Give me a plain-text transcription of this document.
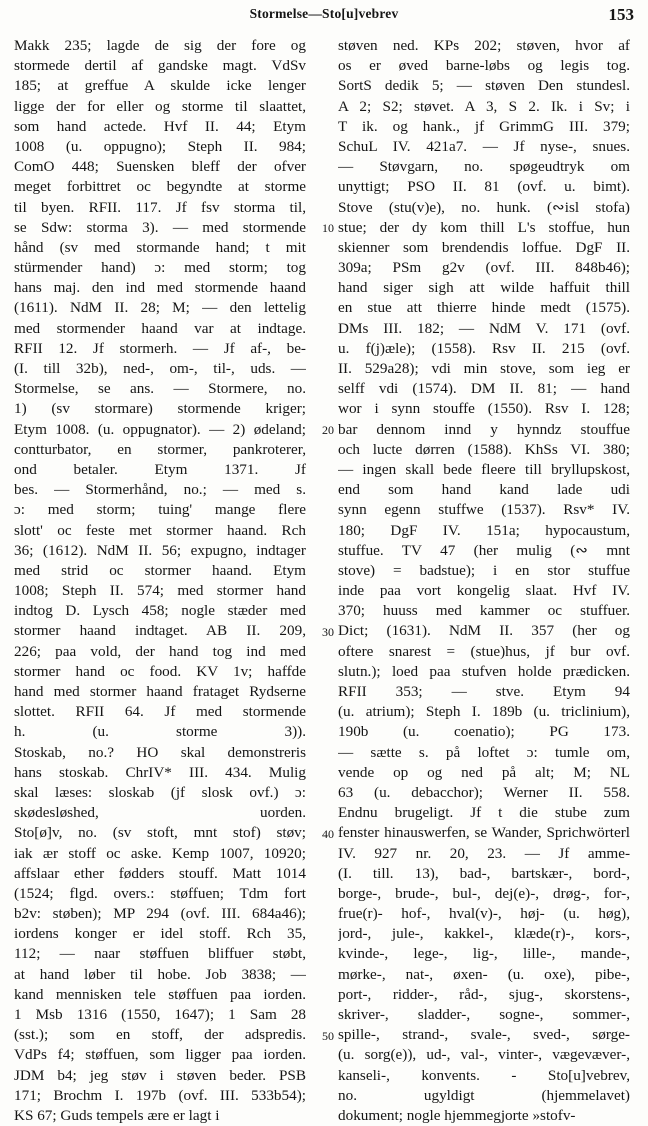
Stormelse—Sto[u]vebrev	153
Makk 235; lagde de sig der fore og
stormede dertil af gandske magt. VdSv
185; at greffue A skulde icke lenger
ligge der for eller og storme til slaattet,
som hand actede. Hvf II. 44; Etym
1008 (u. oppugno); Steph II. 984;
ComO 448; Suensken bleff der ofver
meget forbittret oc begyndte at storme
til byen. RFII. 117. Jf fsv storma til,
se Sdw: storma 3). — med stormende
hånd (sv med stormande hand; t mit
stürmender hand) ɔ: med storm; tog
hans maj. den ind med stormende haand
(1611). NdM II. 28; M; — den lettelig
med stormender haand var at indtage.
RFII 12. Jf stormerh. — Jf af-, be-
(I. till 32b), ned-, om-, til-, uds. —
Stormelse, se ans. — Stormere, no.
1) (sv stormare) stormende kriger;
Etym 1008. (u. oppugnator). — 2) ødeland;
contturbator, en stormer, pankroterer,
ond betaler. Etym 1371. Jf
bes. — Stormerhånd, no.; — med s.
ɔ: med storm; tuing' mange flere
slott' oc feste met stormer haand. Rch
36; (1612). NdM II. 56; expugno, indtager
med strid oc stormer haand. Etym
1008; Steph II. 574; med stormer hand
indtog D. Lysch 458; nogle stæder med
stormer haand indtaget. AB II. 209,
226; paa vold, der hand tog ind med
stormer hand oc food. KV 1v; haffde
hand med stormer haand frataget Rydserne
slottet. RFII 64. Jf med stormende
h. (u. storme 3)).
Stoskab, no.? HO skal demonstreris
hans stoskab. ChrIV* III. 434. Mulig
skal læses: sloskab (jf slosk ovf.) ɔ:
skødesløshed, uorden.
Sto[ø]v, no. (sv stoft, mnt stof) støv;
iak ær stoff oc aske. Kemp 1007, 10920;
affslaar ether fødders stouff. Matt 1014
(1524; flgd. overs.: støffuen; Tdm fort
b2v: støben); MP 294 (ovf. III. 684a46);
iordens konger er idel stoff. Rch 35,
112; — naar støffuen bliffuer støbt,
at hand løber til hobe. Job 3838; —
kand mennisken tele støffuen paa iorden.
1 Msb 1316 (1550, 1647); 1 Sam 28
(sst.); som en stoff, der adspredis.
VdPs f4; støffuen, som ligger paa iorden.
JDM b4; jeg støv i støven beder. PSB
171; Brochm I. 197b (ovf. III. 533b54);
KS 67; Guds tempels ære er lagt i
10
20
30
40
50
støven ned. KPs 202; støven, hvor af
os er øved barne-løbs og legis tog.
SortS dedik 5; — støven Den stundesl.
A 2; S2; støvet. A 3, S 2. Ik. i Sv; i
T ik. og hank., jf GrimmG III. 379;
SchuL IV. 421a7. — Jf nyse-, snues.
— Støvgarn, no. spøgeudtryk om
unyttigt; PSO II. 81 (ovf. u. bimt).
Stove (stu(v)e), no. hunk. (∾isl stofa)
stue; der dy kom thill L's stoffue, hun
skienner som brendendis loffue. DgF II.
309a; PSm g2v (ovf. III. 848b46);
hand siger sigh att wilde haffuit thill
en stue att thierre hinde medt (1575).
DMs III. 182; — NdM V. 171 (ovf.
u. f(j)æle); (1558). Rsv II. 215 (ovf.
II. 529a28); vdi min stove, som ieg er
selff vdi (1574). DM II. 81; — hand
wor i synn stouffe (1550). Rsv I. 128;
bar dennom innd y hynndz stouffue
och lucte dørren (1588). KhSs VI. 380;
— ingen skall bede fleere till bryllupskost,
end som hand kand lade udi
synn egenn stuffwe (1537). Rsv* IV.
180; DgF IV. 151a; hypocaustum,
stuffue. TV 47 (her mulig (∾ mnt
stove) = badstue); i en stor stuffue
inde paa vort kongelig slaat. Hvf IV.
370; huuss med kammer oc stuffuer.
Dict; (1631). NdM II. 357 (her og
oftere snarest = (stue)hus, jf bur ovf.
slutn.); loed paa stufven holde prædicken.
RFII 353; — stve. Etym 94
(u. atrium); Steph I. 189b (u. triclinium),
190b (u. coenatio); PG 173.
— sætte s. på loftet ɔ: tumle om,
vende op og ned på alt; M; NL
63 (u. debacchor); Werner II. 558.
Endnu brugeligt. Jf t die stube zum
fenster hinauswerfen, se Wander, Sprichwörterl
IV. 927 nr. 20, 23. — Jf amme-
(I. till. 13), bad-, bartskær-, bord-,
borge-, brude-, bul-, dej(e)-, drøg-, for-,
frue(r)- hof-, hval(v)-, høj- (u. høg),
jord-, jule-, kakkel-, klæde(r)-, kors-,
kvinde-, lege-, lig-, lille-, mande-,
mørke-, nat-, øxen- (u. oxe), pibe-,
port-, ridder-, råd-, sjug-, skorstens-,
skriver-, sladder-, sogne-, sommer-,
spille-, strand-, svale-, sved-, sørge-
(u. sorg(e)), ud-, val-, vinter-, vægevæver-,
kanseli-, konvents. - Sto[u]vebrev,
no. ugyldigt (hjemmelavet)
dokument; nogle hjemmegjorte »stofv-
